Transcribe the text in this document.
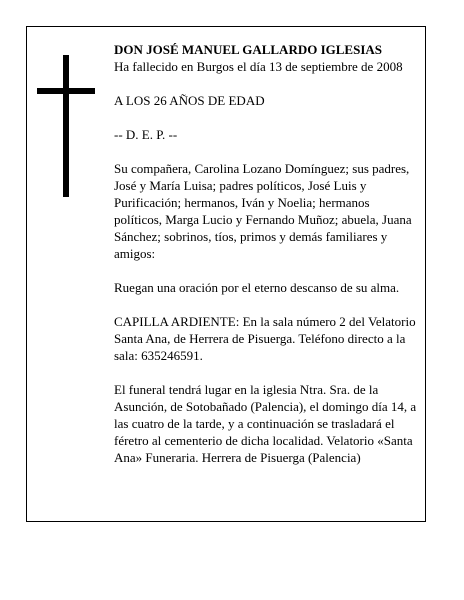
DON JOSÉ MANUEL GALLARDO IGLESIAS

Ha fallecido en Burgos el día 13 de septiembre de 2008

A LOS 26 AÑOS DE EDAD

-- D. E. P. --

Su compañera, Carolina Lozano Domínguez; sus padres, José y María Luisa; padres políticos, José Luis y Purificación; hermanos, Iván y Noelia; hermanos políticos, Marga Lucio y Fernando Muñoz; abuela, Juana Sánchez; sobrinos, tíos, primos y demás familiares y amigos:

Ruegan una oración por el eterno descanso de su alma.

CAPILLA ARDIENTE: En la sala número 2 del Velatorio Santa Ana, de Herrera de Pisuerga. Teléfono directo a la sala: 635246591.

El funeral tendrá lugar en la iglesia Ntra. Sra. de la Asunción, de Sotobañado (Palencia), el domingo día 14, a las cuatro de la tarde, y a continuación se trasladará el féretro al cementerio de dicha localidad. Velatorio «Santa Ana» Funeraria. Herrera de Pisuerga (Palencia)
